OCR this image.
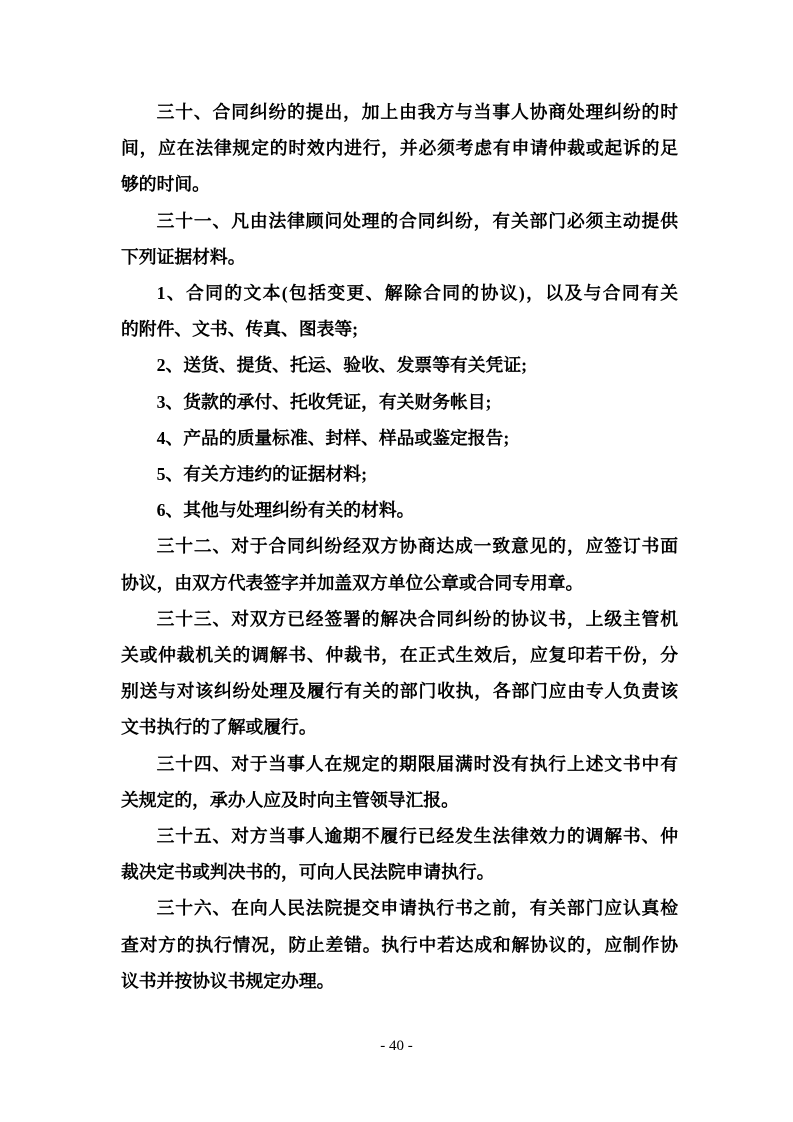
三十、合同纠纷的提出，加上由我方与当事人协商处理纠纷的时
间，应在法律规定的时效内进行，并必须考虑有申请仲裁或起诉的足
够的时间。
三十一、凡由法律顾问处理的合同纠纷，有关部门必须主动提供
下列证据材料。
1、合同的文本(包括变更、解除合同的协议)，以及与合同有关
的附件、文书、传真、图表等;
2、送货、提货、托运、验收、发票等有关凭证;
3、货款的承付、托收凭证，有关财务帐目;
4、产品的质量标准、封样、样品或鉴定报告;
5、有关方违约的证据材料;
6、其他与处理纠纷有关的材料。
三十二、对于合同纠纷经双方协商达成一致意见的，应签订书面
协议，由双方代表签字并加盖双方单位公章或合同专用章。
三十三、对双方已经签署的解决合同纠纷的协议书，上级主管机
关或仲裁机关的调解书、仲裁书，在正式生效后，应复印若干份，分
别送与对该纠纷处理及履行有关的部门收执，各部门应由专人负责该
文书执行的了解或履行。
三十四、对于当事人在规定的期限届满时没有执行上述文书中有
关规定的，承办人应及时向主管领导汇报。
三十五、对方当事人逾期不履行已经发生法律效力的调解书、仲
裁决定书或判决书的，可向人民法院申请执行。
三十六、在向人民法院提交申请执行书之前，有关部门应认真检
查对方的执行情况，防止差错。执行中若达成和解协议的，应制作协
议书并按协议书规定办理。
- 40 -
